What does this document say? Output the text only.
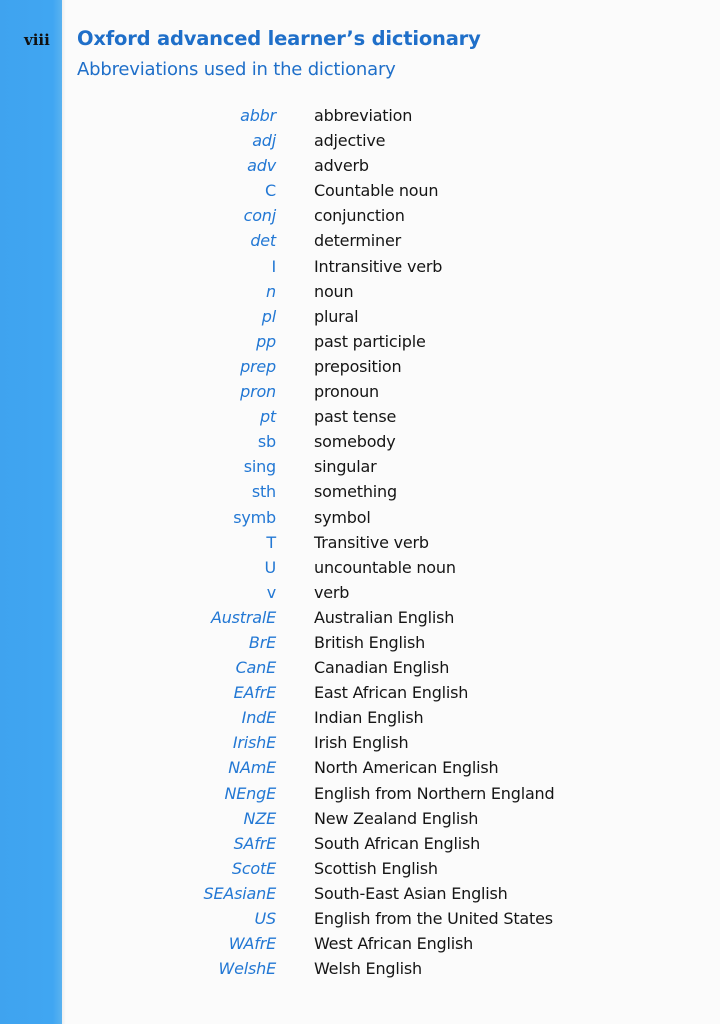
viii Oxford advanced learner’s dictionary
Abbreviations used in the dictionary
abbr abbreviation
adj adjective
adv adverb
C Countable noun
conj conjunction
det determiner
I Intransitive verb
n noun
pl plural
pp past participle
prep preposition
pron pronoun
pt past tense
sb somebody
sing singular
sth something
symb symbol
T Transitive verb
U uncountable noun
v verb
AustralE Australian English
BrE British English
CanE Canadian English
EAfrE East African English
IndE Indian English
IrishE Irish English
NAmE North American English
NEngE English from Northern England
NZE New Zealand English
SAfrE South African English
ScotE Scottish English
SEAsianE South-East Asian English
US English from the United States
WAfrE West African English
WelshE Welsh English
